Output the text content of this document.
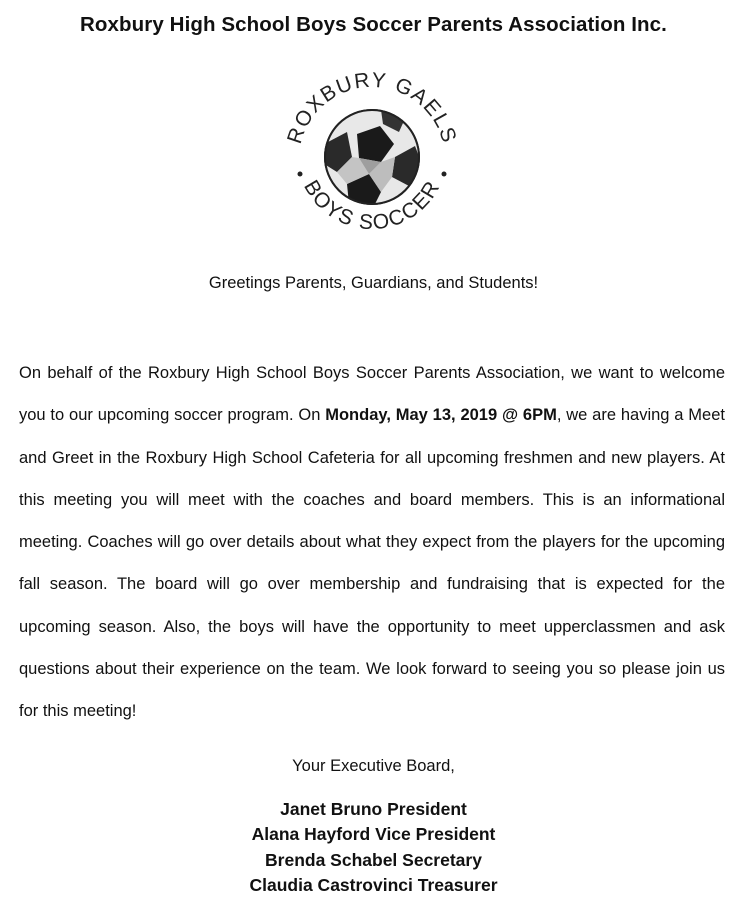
Roxbury High School Boys Soccer Parents Association Inc.
ROXBURY GAELS
BOYS SOCCER
Greetings Parents, Guardians, and Students!
On behalf of the Roxbury High School Boys Soccer Parents Association, we want to welcome you to our upcoming soccer program. On Monday, May 13, 2019 @ 6PM, we are having a Meet and Greet in the Roxbury High School Cafeteria for all upcoming freshmen and new players. At this meeting you will meet with the coaches and board members. This is an informational meeting. Coaches will go over details about what they expect from the players for the upcoming fall season. The board will go over membership and fundraising that is expected for the upcoming season. Also, the boys will have the opportunity to meet upperclassmen and ask questions about their experience on the team. We look forward to seeing you so please join us for this meeting!
Your Executive Board,
Janet Bruno President
Alana Hayford Vice President
Brenda Schabel Secretary
Claudia Castrovinci Treasurer
